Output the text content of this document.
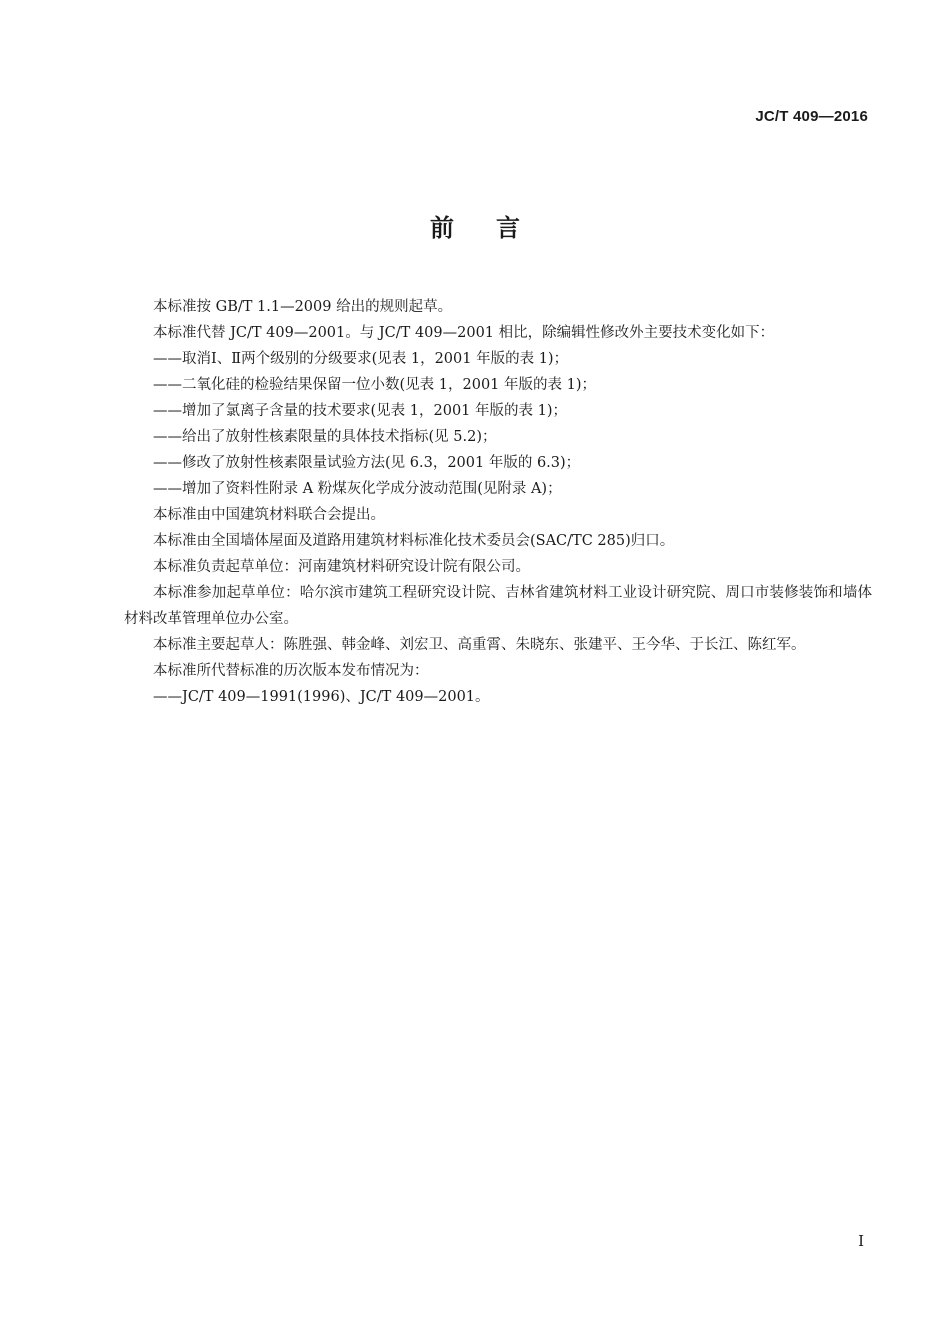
JC/T 409—2016
前言

本标准按 GB/T 1.1—2009 给出的规则起草。

本标准代替 JC/T 409—2001。与 JC/T 409—2001 相比，除编辑性修改外主要技术变化如下：

——取消Ⅰ、Ⅱ两个级别的分级要求(见表 1，2001 年版的表 1)；

——二氧化硅的检验结果保留一位小数(见表 1，2001 年版的表 1)；

——增加了氯离子含量的技术要求(见表 1，2001 年版的表 1)；

——给出了放射性核素限量的具体技术指标(见 5.2)；

——修改了放射性核素限量试验方法(见 6.3，2001 年版的 6.3)；

——增加了资料性附录 A 粉煤灰化学成分波动范围(见附录 A)；

本标准由中国建筑材料联合会提出。

本标准由全国墙体屋面及道路用建筑材料标准化技术委员会(SAC/TC 285)归口。

本标准负责起草单位：河南建筑材料研究设计院有限公司。

本标准参加起草单位：哈尔滨市建筑工程研究设计院、吉林省建筑材料工业设计研究院、周口市装修装饰和墙体材料改革管理单位办公室。

本标准主要起草人：陈胜强、韩金峰、刘宏卫、高重霄、朱晓东、张建平、王今华、于长江、陈红军。

本标准所代替标准的历次版本发布情况为：

——JC/T 409—1991(1996)、JC/T 409—2001。

I
